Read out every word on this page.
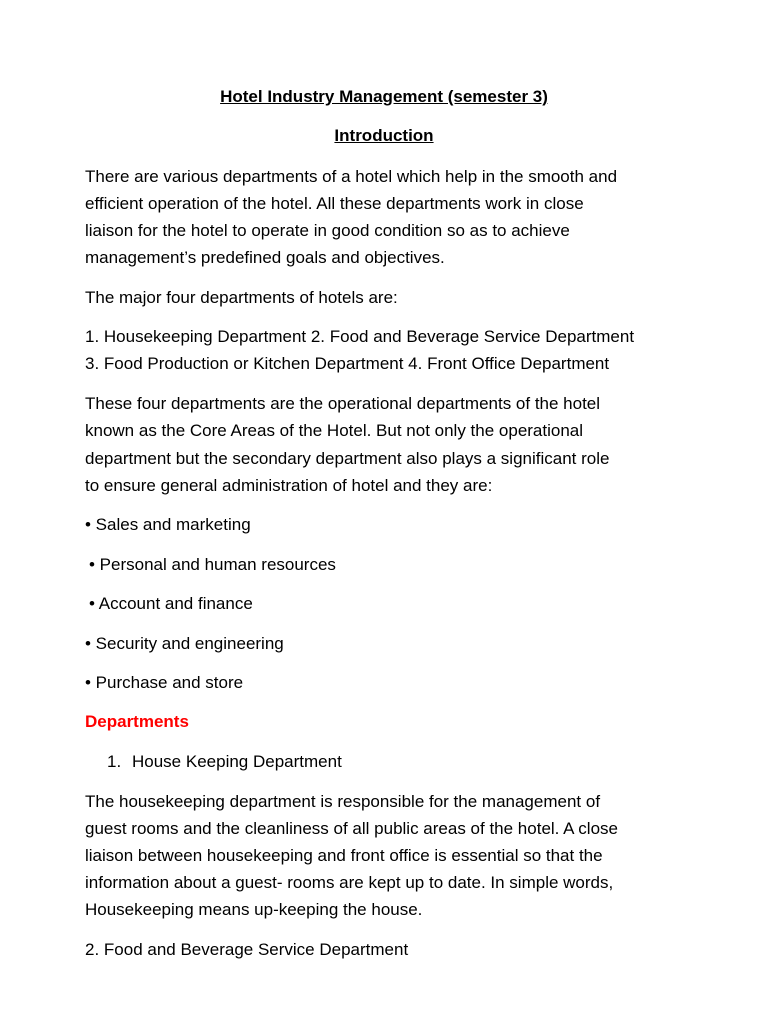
Hotel Industry Management (semester 3)
Introduction
There are various departments of a hotel which help in the smooth and
efficient operation of the hotel. All these departments work in close
liaison for the hotel to operate in good condition so as to achieve
management’s predefined goals and objectives.
The major four departments of hotels are:
1. Housekeeping Department 2. Food and Beverage Service Department
3. Food Production or Kitchen Department 4. Front Office Department
These four departments are the operational departments of the hotel
known as the Core Areas of the Hotel. But not only the operational
department but the secondary department also plays a significant role
to ensure general administration of hotel and they are:
• Sales and marketing
• Personal and human resources
• Account and finance
• Security and engineering
• Purchase and store
Departments
1. House Keeping Department
The housekeeping department is responsible for the management of
guest rooms and the cleanliness of all public areas of the hotel. A close
liaison between housekeeping and front office is essential so that the
information about a guest- rooms are kept up to date. In simple words,
Housekeeping means up-keeping the house.
2. Food and Beverage Service Department
